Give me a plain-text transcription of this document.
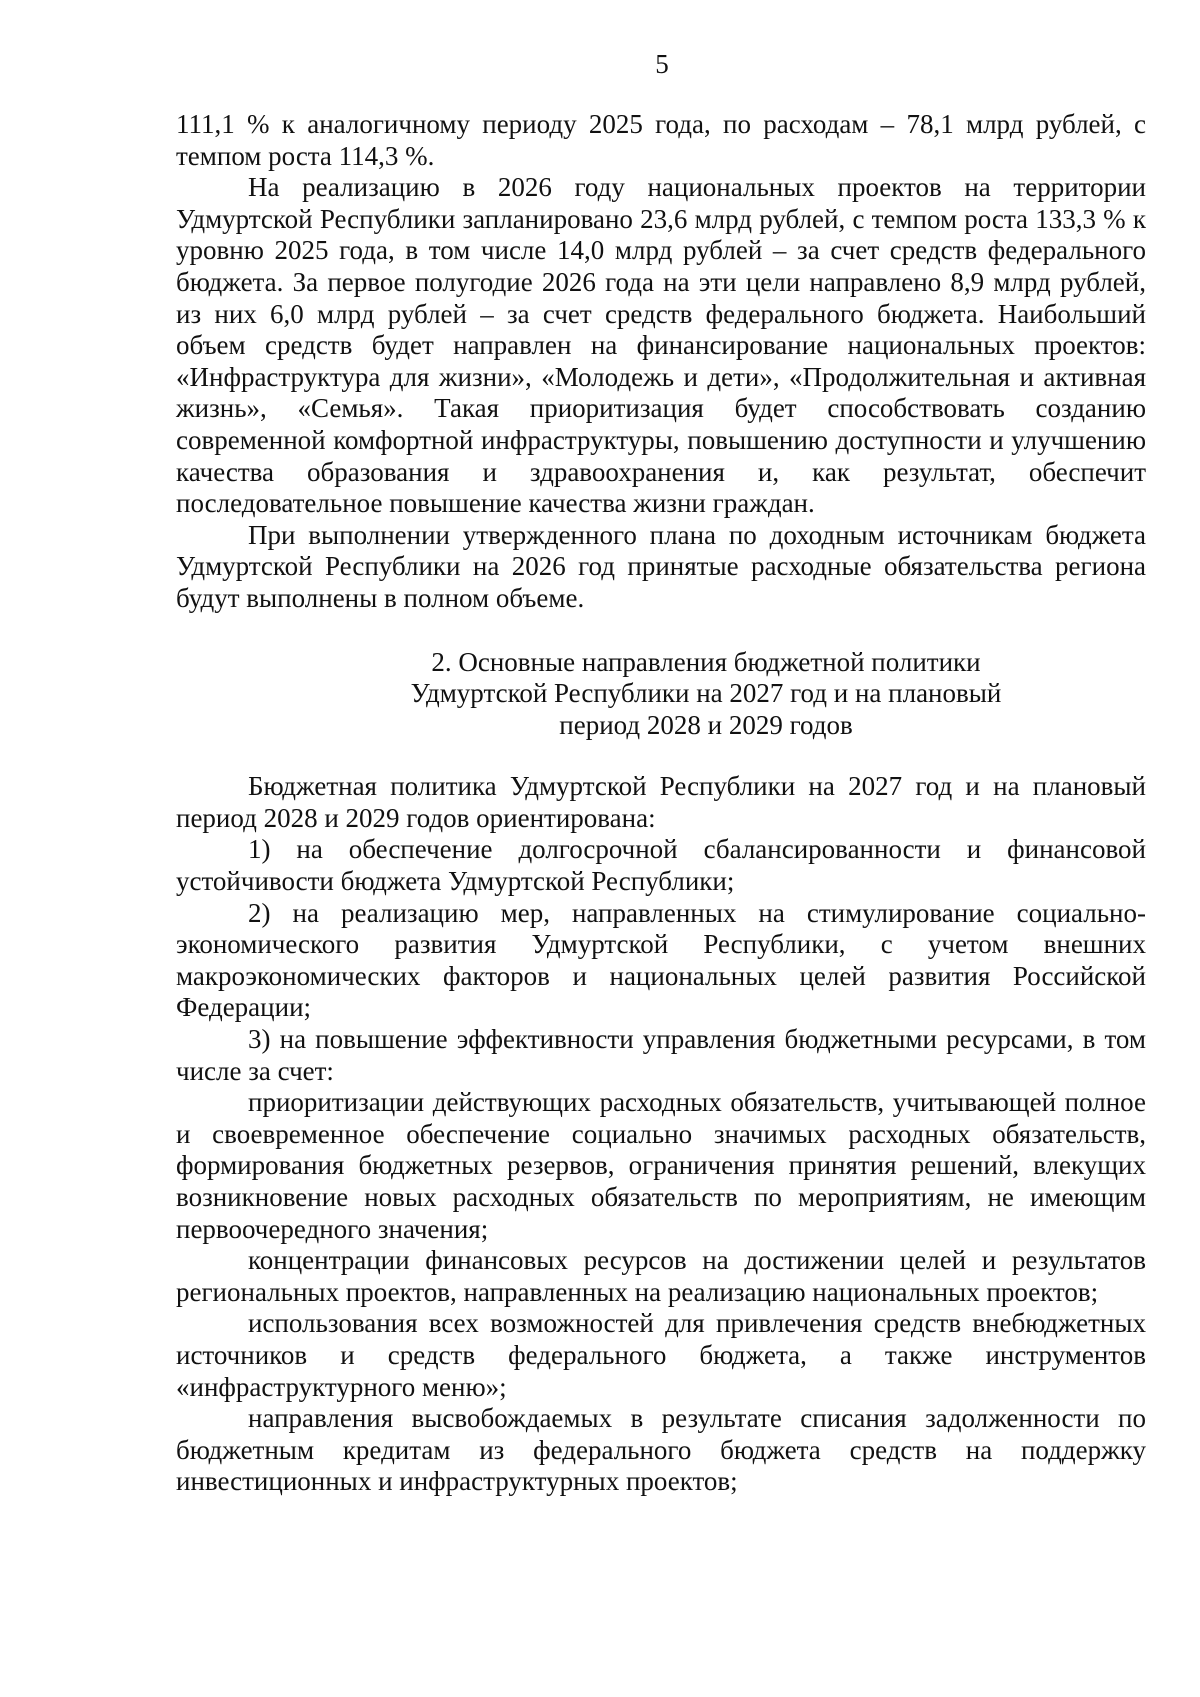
5

111,1 % к аналогичному периоду 2025 года, по расходам – 78,1 млрд рублей, с темпом роста 114,3 %.

На реализацию в 2026 году национальных проектов на территории Удмуртской Республики запланировано 23,6 млрд рублей, с темпом роста 133,3 % к уровню 2025 года, в том числе 14,0 млрд рублей – за счет средств федерального бюджета. За первое полугодие 2026 года на эти цели направлено 8,9 млрд рублей, из них 6,0 млрд рублей – за счет средств федерального бюджета. Наибольший объем средств будет направлен на финансирование национальных проектов: «Инфраструктура для жизни», «Молодежь и дети», «Продолжительная и активная жизнь», «Семья». Такая приоритизация будет способствовать созданию современной комфортной инфраструктуры, повышению доступности и улучшению качества образования и здравоохранения и, как результат, обеспечит последовательное повышение качества жизни граждан.

При выполнении утвержденного плана по доходным источникам бюджета Удмуртской Республики на 2026 год принятые расходные обязательства региона будут выполнены в полном объеме.

2. Основные направления бюджетной политики
Удмуртской Республики на 2027 год и на плановый
период 2028 и 2029 годов

Бюджетная политика Удмуртской Республики на 2027 год и на плановый период 2028 и 2029 годов ориентирована:

1) на обеспечение долгосрочной сбалансированности и финансовой устойчивости бюджета Удмуртской Республики;

2) на реализацию мер, направленных на стимулирование социально-экономического развития Удмуртской Республики, с учетом внешних макроэкономических факторов и национальных целей развития Российской Федерации;

3) на повышение эффективности управления бюджетными ресурсами, в том числе за счет:

приоритизации действующих расходных обязательств, учитывающей полное и своевременное обеспечение социально значимых расходных обязательств, формирования бюджетных резервов, ограничения принятия решений, влекущих возникновение новых расходных обязательств по мероприятиям, не имеющим первоочередного значения;

концентрации финансовых ресурсов на достижении целей и результатов региональных проектов, направленных на реализацию национальных проектов;

использования всех возможностей для привлечения средств внебюджетных источников и средств федерального бюджета, а также инструментов «инфраструктурного меню»;

направления высвобождаемых в результате списания задолженности по бюджетным кредитам из федерального бюджета средств на поддержку инвестиционных и инфраструктурных проектов;
